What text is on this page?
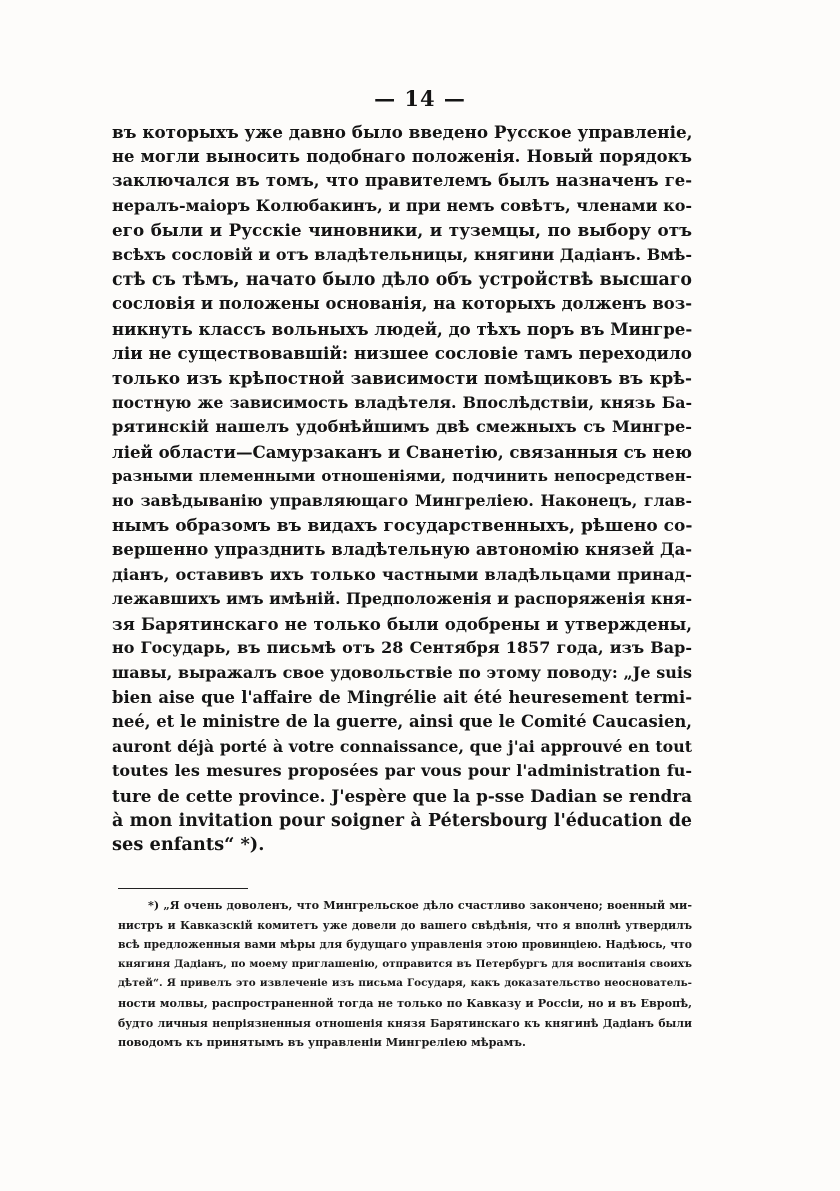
— 14 —
въ которыхъ уже давно было введено Русское управленіе,
не могли выносить подобнаго положенія. Новый порядокъ
заключался въ томъ, что правителемъ былъ назначенъ ге-
нералъ-маіоръ Колюбакинъ, и при немъ совѣтъ, членами ко-
его были и Русскіе чиновники, и туземцы, по выбору отъ
всѣхъ сословій и отъ владѣтельницы, княгини Дадіанъ. Вмѣ-
стѣ съ тѣмъ, начато было дѣло объ устройствѣ высшаго
сословія и положены основанія, на которыхъ долженъ воз-
никнуть классъ вольныхъ людей, до тѣхъ поръ въ Мингре-
ліи не существовавшій: низшее сословіе тамъ переходило
только изъ крѣпостной зависимости помѣщиковъ въ крѣ-
постную же зависимость владѣтеля. Впослѣдствіи, князь Ба-
рятинскій нашелъ удобнѣйшимъ двѣ смежныхъ съ Мингре-
ліей области—Самурзаканъ и Сванетію, связанныя съ нею
разными племенными отношеніями, подчинить непосредствен-
но завѣдыванію управляющаго Мингреліею. Наконецъ, глав-
нымъ образомъ въ видахъ государственныхъ, рѣшено со-
вершенно упразднить владѣтельную автономію князей Да-
діанъ, оставивъ ихъ только частными владѣльцами принад-
лежавшихъ имъ имѣній. Предположенія и распоряженія кня-
зя Барятинскаго не только были одобрены и утверждены,
но Государь, въ письмѣ отъ 28 Сентября 1857 года, изъ Вар-
шавы, выражалъ свое удовольствіе по этому поводу: „Je suis
bien aise que l'affaire de Mingrélie ait été heuresement termi-
neé, et le ministre de la guerre, ainsi que le Comité Caucasien,
auront déjà porté à votre connaissance, que j'ai approuvé en tout
toutes les mesures proposées par vous pour l'administration fu-
ture de cette province. J'espère que la p-sse Dadian se rendra
à mon invitation pour soigner à Pétersbourg l'éducation de
ses enfants“ *).
*) „Я очень доволенъ, что Мингрельское дѣло счастливо закончено; военный ми-
нистръ и Кавказскій комитетъ уже довели до вашего свѣдѣнія, что я вполнѣ утвердилъ
всѣ предложенныя вами мѣры для будущаго управленія этою провинціею. Надѣюсь, что
княгиня Дадіанъ, по моему приглашенію, отправится въ Петербургъ для воспитанія своихъ
дѣтей“. Я привелъ это извлеченіе изъ письма Государя, какъ доказательство неоснователь-
ности молвы, распространенной тогда не только по Кавказу и Россіи, но и въ Европѣ,
будто личныя непріязненныя отношенія князя Барятинскаго къ княгинѣ Дадіанъ были
поводомъ къ принятымъ въ управленіи Мингреліею мѣрамъ.
